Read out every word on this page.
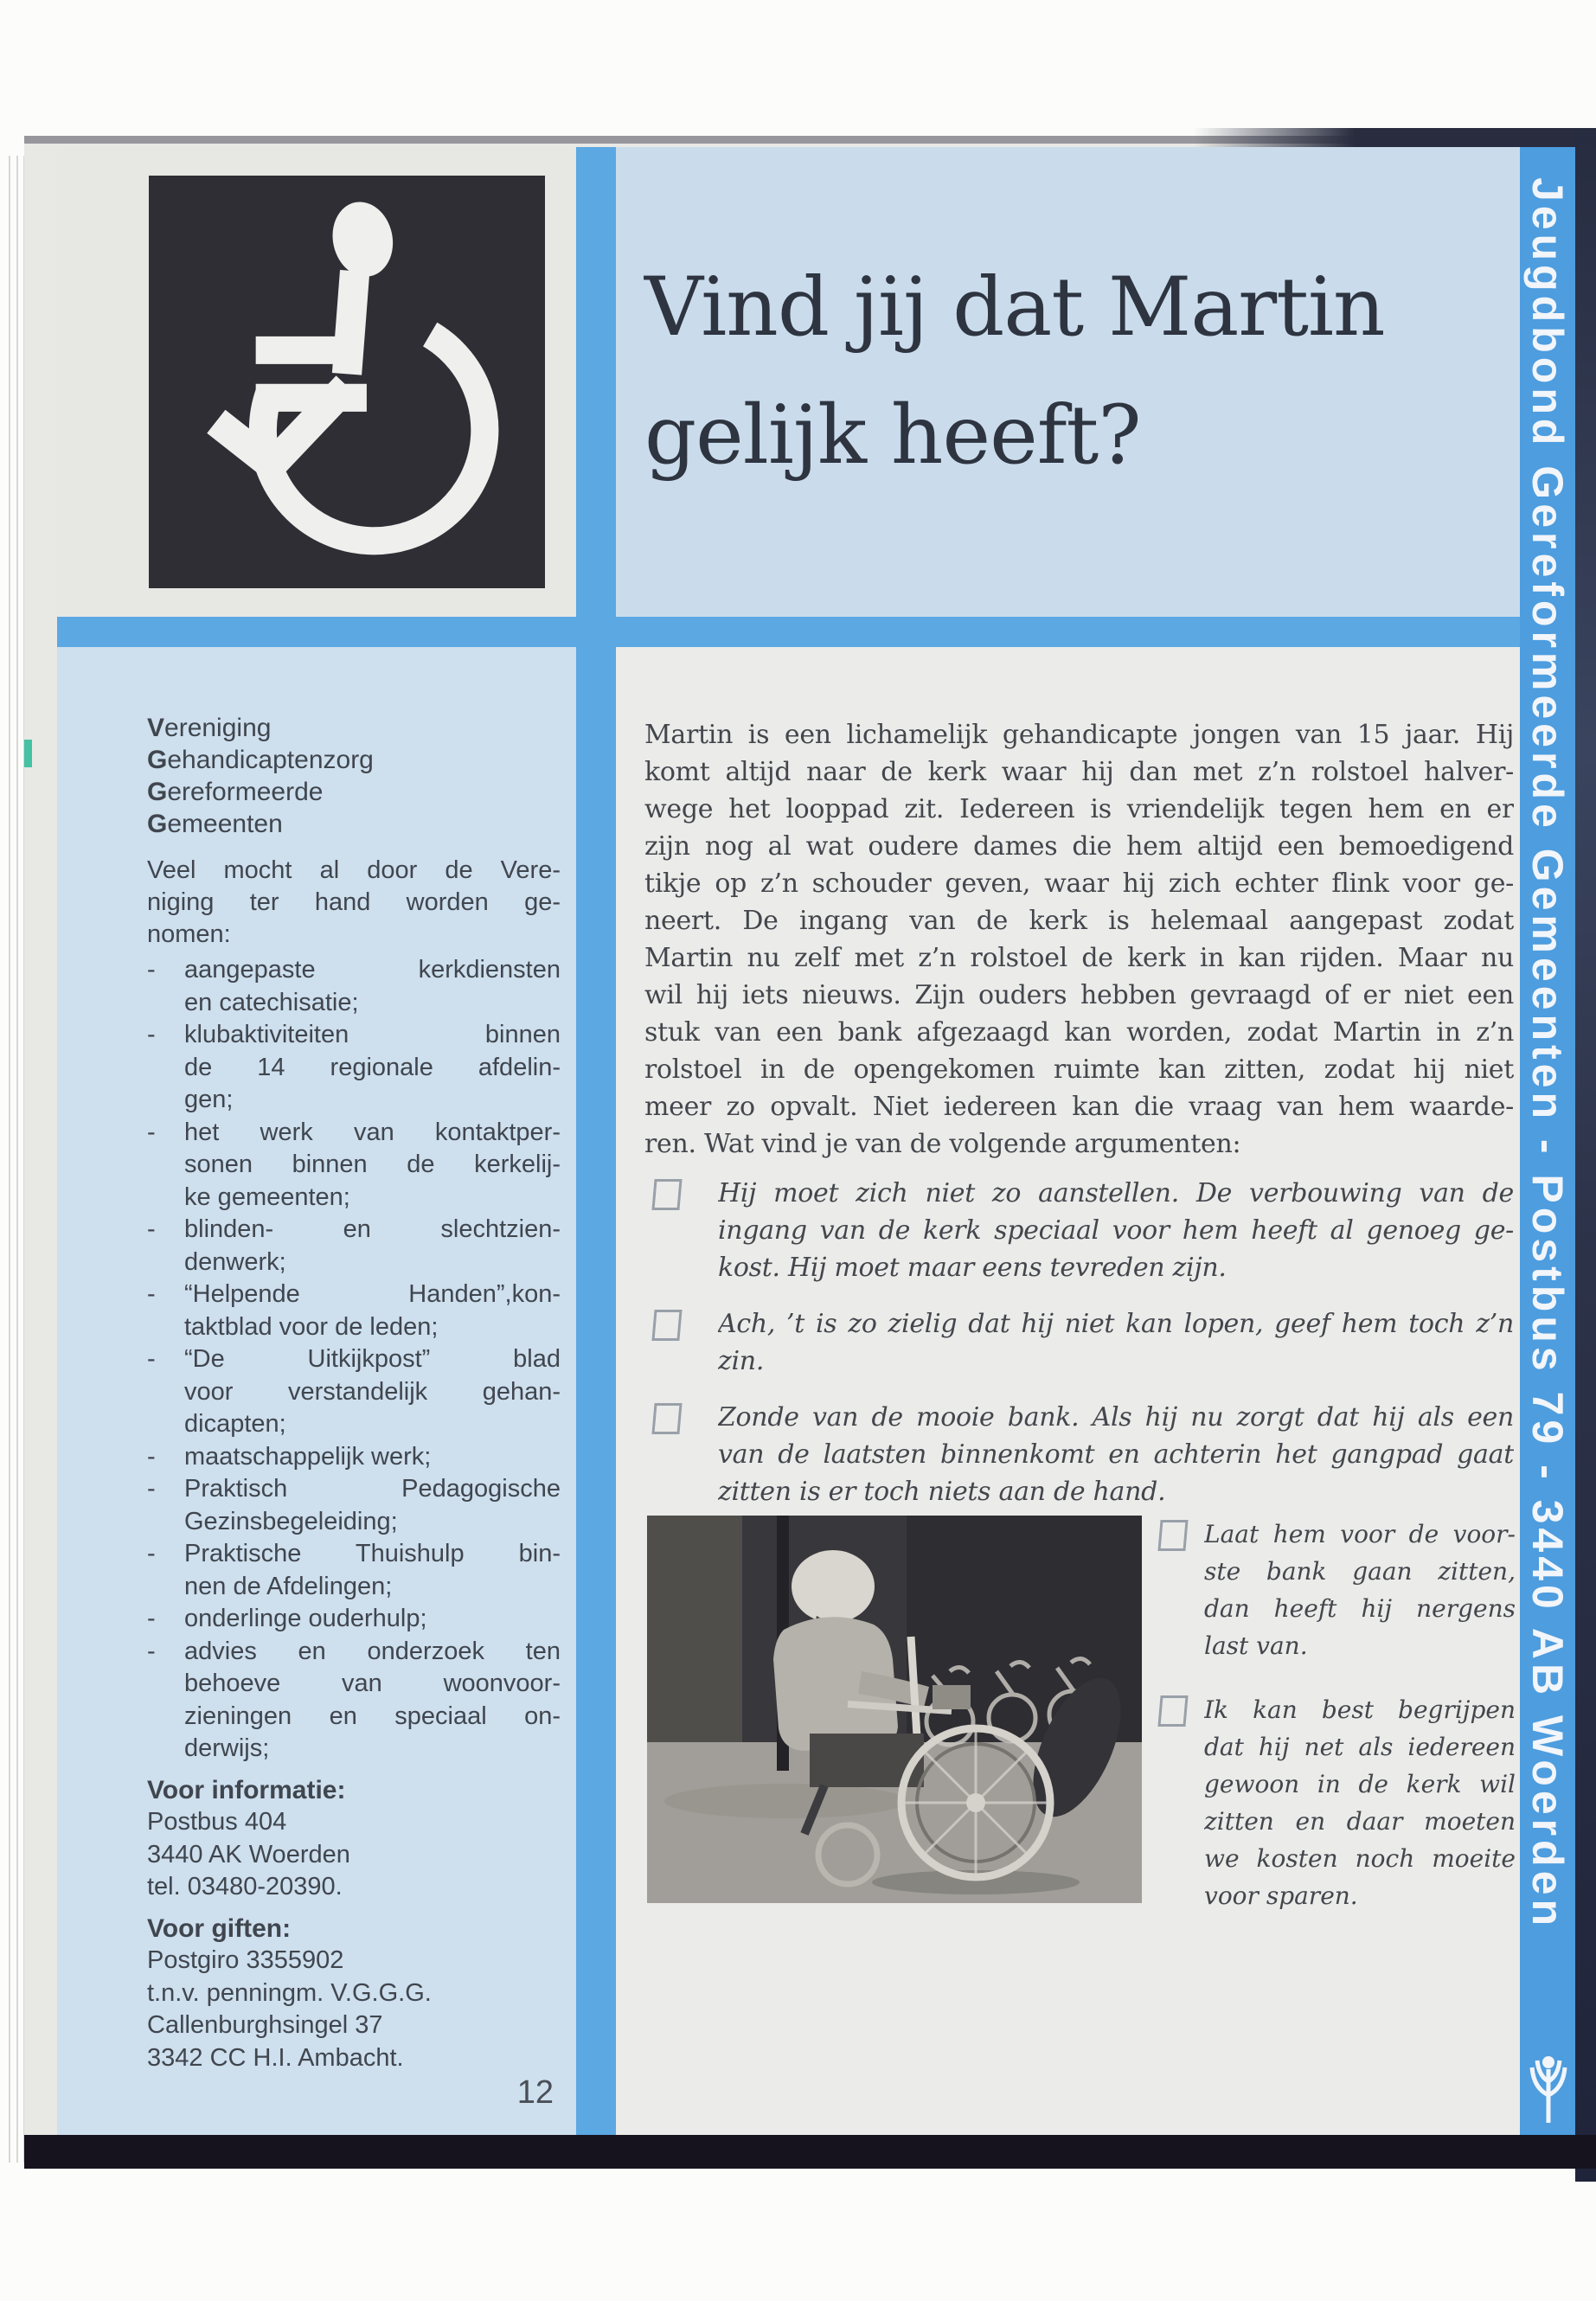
Vind jij dat Martin
gelijk heeft?
Vereniging
Gehandicaptenzorg
Gereformeerde
Gemeenten
Veel mocht al door de Vere-
niging ter hand worden ge-
nomen:
-	aangepaste kerkdiensten
en catechisatie;
-	klubaktiviteiten binnen
de 14 regionale afdelin-
gen;
-	het werk van kontaktper-
sonen binnen de kerkelij-
ke gemeenten;
-	blinden- en slechtzien-
denwerk;
-	“Helpende Handen”,kon-
taktblad voor de leden;
-	“De Uitkijkpost” blad
voor verstandelijk gehan-
dicapten;
-	maatschappelijk werk;
-	Praktisch Pedagogische
Gezinsbegeleiding;
-	Praktische Thuishulp bin-
nen de Afdelingen;
-	onderlinge ouderhulp;
-	advies en onderzoek ten
behoeve van woonvoor-
zieningen en speciaal on-
derwijs;
Voor informatie:
Postbus 404
3440 AK Woerden
tel. 03480-20390.
Voor giften:
Postgiro 3355902
t.n.v. penningm. V.G.G.G.
Callenburghsingel 37
3342 CC H.I. Ambacht.
12
Martin is een lichamelijk gehandicapte jongen van 15 jaar. Hij
komt altijd naar de kerk waar hij dan met z’n rolstoel halver-
wege het looppad zit. Iedereen is vriendelijk tegen hem en er
zijn nog al wat oudere dames die hem altijd een bemoedigend
tikje op z’n schouder geven, waar hij zich echter flink voor ge-
neert. De ingang van de kerk is helemaal aangepast zodat
Martin nu zelf met z’n rolstoel de kerk in kan rijden. Maar nu
wil hij iets nieuws. Zijn ouders hebben gevraagd of er niet een
stuk van een bank afgezaagd kan worden, zodat Martin in z’n
rolstoel in de opengekomen ruimte kan zitten, zodat hij niet
meer zo opvalt. Niet iedereen kan die vraag van hem waarde-
ren. Wat vind je van de volgende argumenten:
Hij moet zich niet zo aanstellen. De verbouwing van de
ingang van de kerk speciaal voor hem heeft al genoeg ge-
kost. Hij moet maar eens tevreden zijn.
Ach, ’t is zo zielig dat hij niet kan lopen, geef hem toch z’n
zin.
Zonde van de mooie bank. Als hij nu zorgt dat hij als een
van de laatsten binnenkomt en achterin het gangpad gaat
zitten is er toch niets aan de hand.
Laat hem voor de voor-
ste bank gaan zitten,
dan heeft hij nergens
last van.
Ik kan best begrijpen
dat hij net als iedereen
gewoon in de kerk wil
zitten en daar moeten
we kosten noch moeite
voor sparen.	Jeugdbond Gereformeerde Gemeenten - Postbus 79 - 3440 AB Woerden
